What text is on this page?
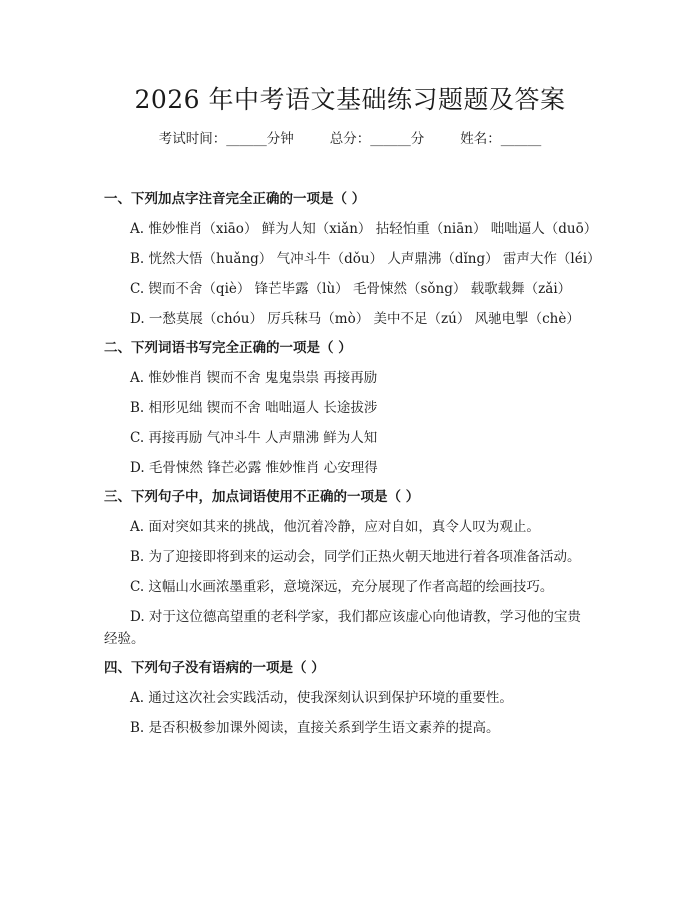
2026 年中考语文基础练习题题及答案
考试时间：______分钟	总分：______分	姓名：______
一、下列加点字注音完全正确的一项是（ ）
A. 惟妙惟肖（xiāo） 鲜为人知（xiǎn） 拈轻怕重（niān） 咄咄逼人（duō）
B. 恍然大悟（huǎng） 气冲斗牛（dǒu） 人声鼎沸（dǐng） 雷声大作（léi）
C. 锲而不舍（qiè） 锋芒毕露（lù） 毛骨悚然（sǒng） 载歌载舞（zǎi）
D. 一愁莫展（chóu） 厉兵秣马（mò） 美中不足（zú） 风驰电掣（chè）
二、下列词语书写完全正确的一项是（ ）
A. 惟妙惟肖 锲而不舍 鬼鬼祟祟 再接再励
B. 相形见绌 锲而不舍 咄咄逼人 长途拔涉
C. 再接再励 气冲斗牛 人声鼎沸 鲜为人知
D. 毛骨悚然 锋芒必露 惟妙惟肖 心安理得
三、下列句子中，加点词语使用不正确的一项是（ ）
A. 面对突如其来的挑战，他沉着冷静，应对自如，真令人叹为观止。
B. 为了迎接即将到来的运动会，同学们正热火朝天地进行着各项准备活动。
C. 这幅山水画浓墨重彩，意境深远，充分展现了作者高超的绘画技巧。
D. 对于这位德高望重的老科学家，我们都应该虚心向他请教，学习他的宝贵经验。
四、下列句子没有语病的一项是（ ）
A. 通过这次社会实践活动，使我深刻认识到保护环境的重要性。
B. 是否积极参加课外阅读，直接关系到学生语文素养的提高。
